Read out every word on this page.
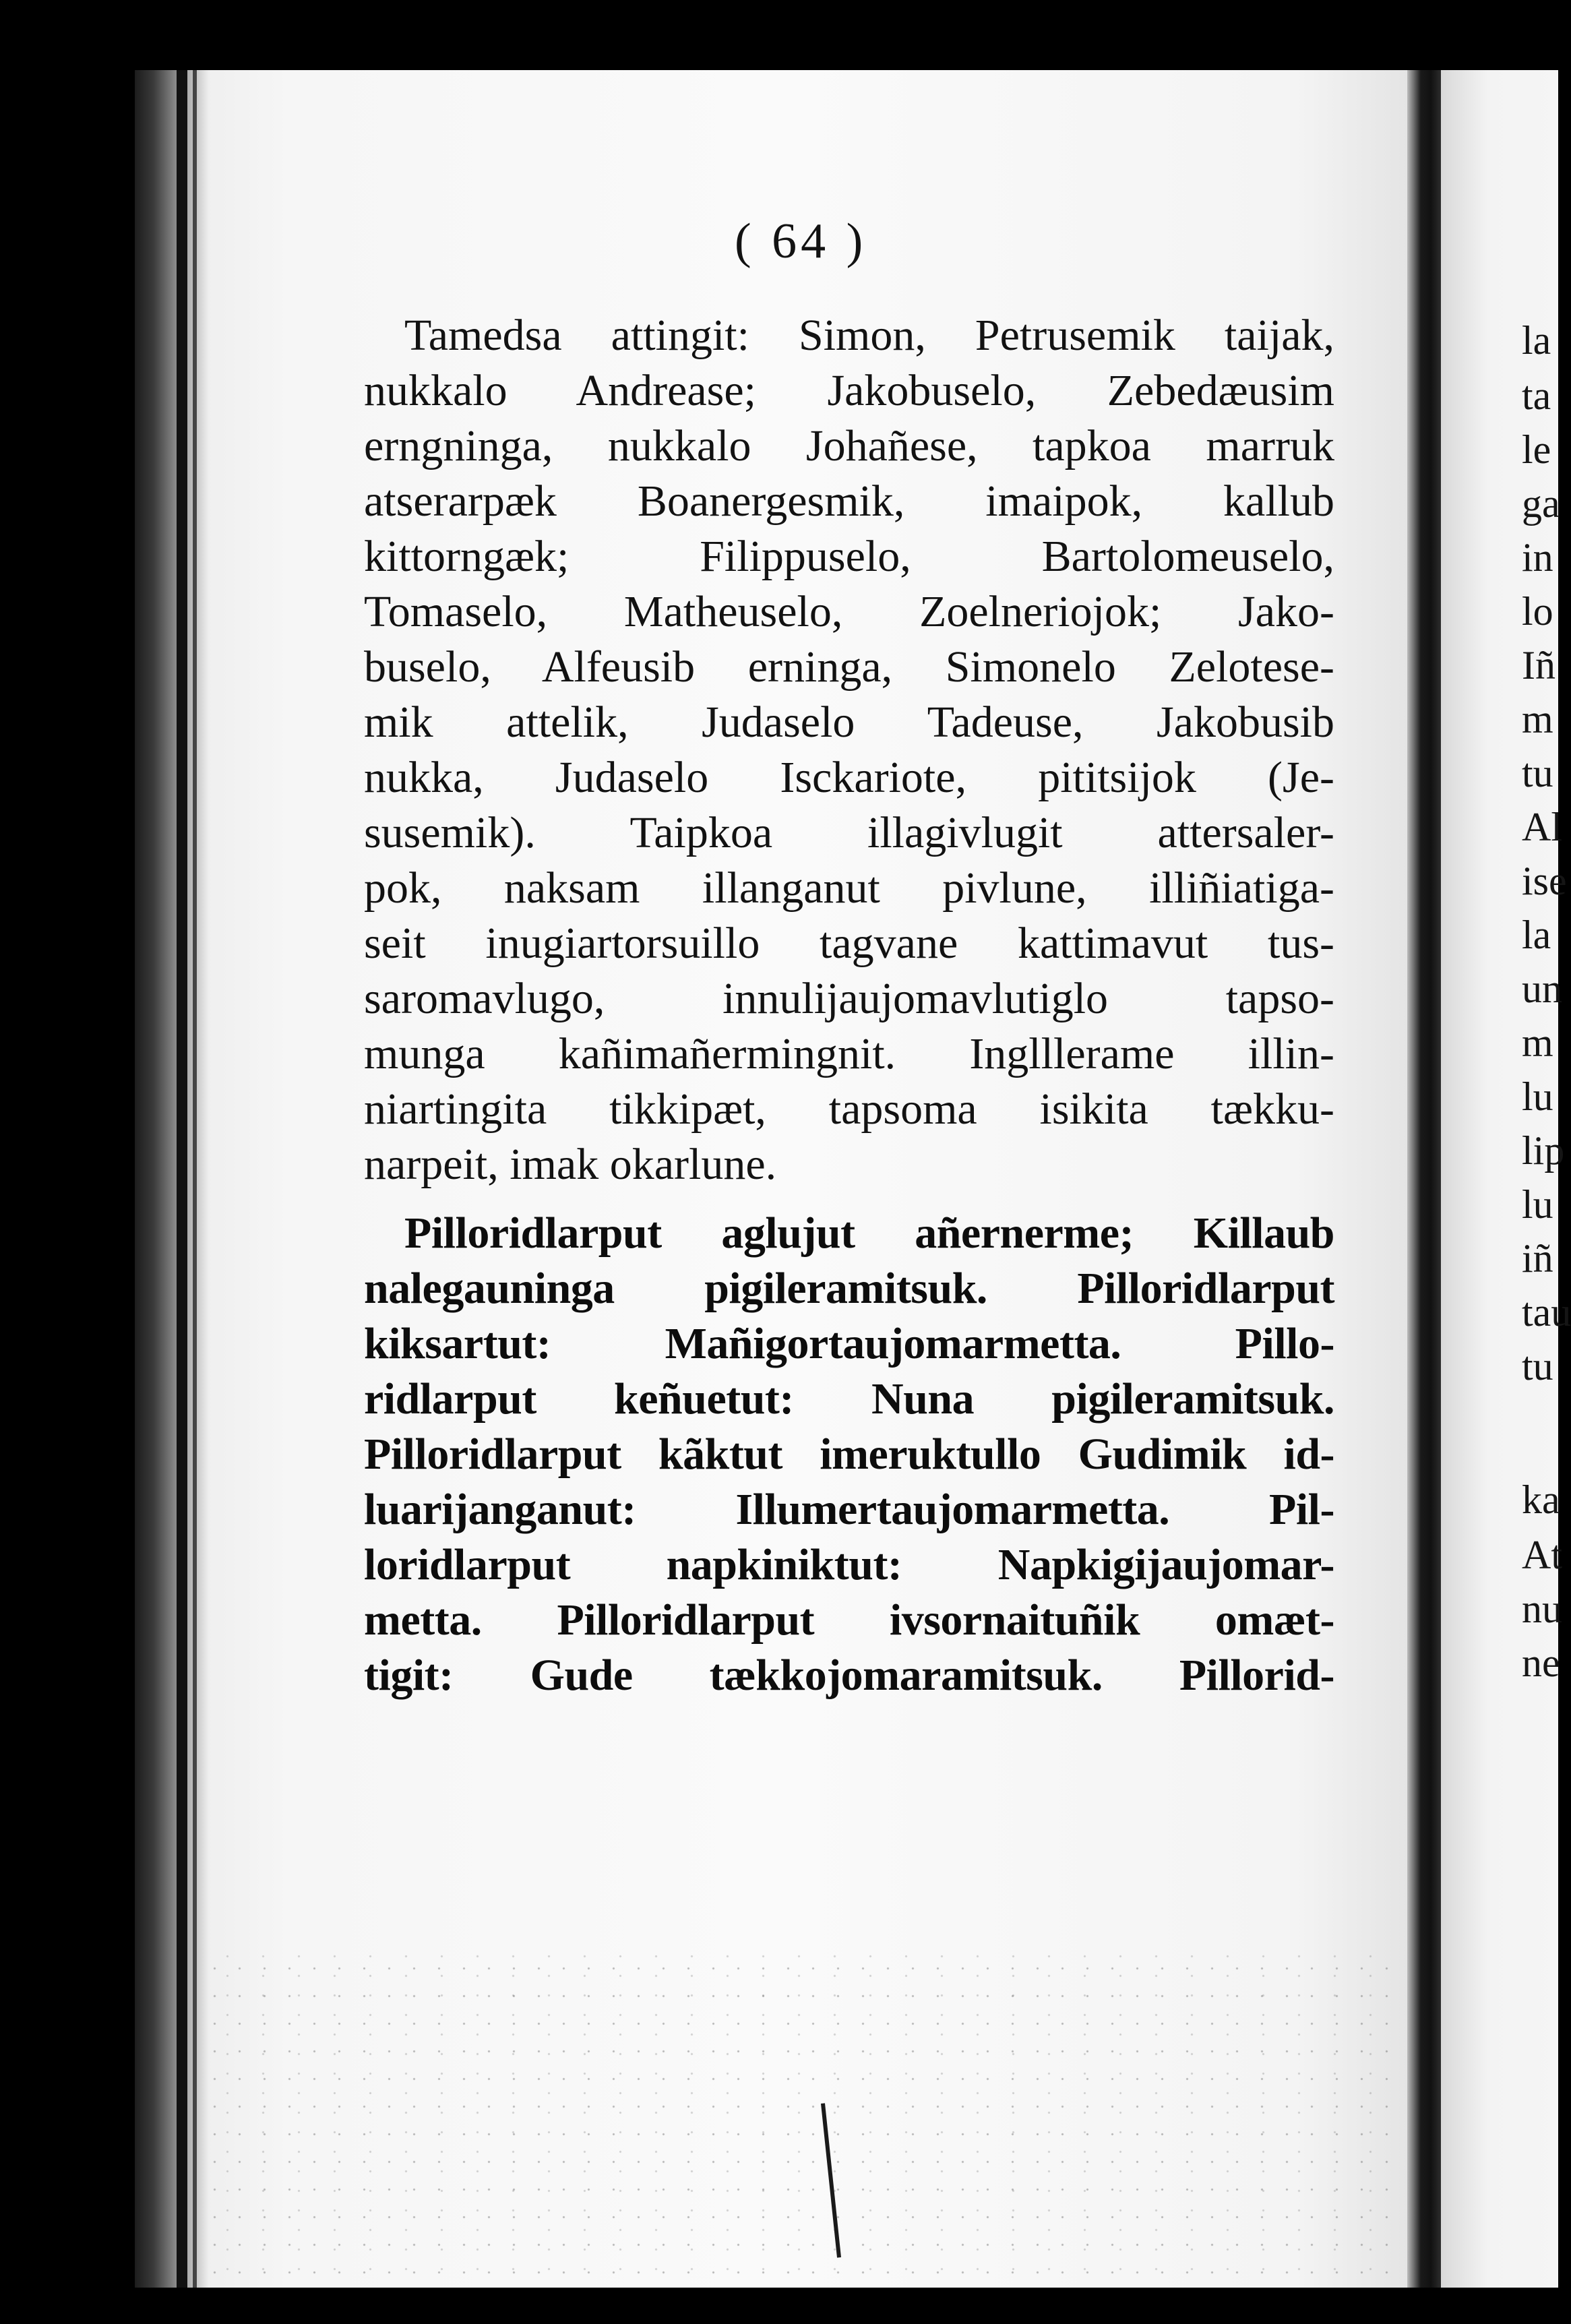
( 64 )
Tamedsa attingit: Simon, Petrusemik taijak,
nukkalo Andrease; Jakobuselo, Zebedæusim
erngninga, nukkalo Johañese, tapkoa marruk
atserarpæk Boanergesmik, imaipok, kallub
kittorngæk; Filippuselo, Bartolomeuselo,
Tomaselo, Matheuselo, Zoelneriojok; Jako-
buselo, Alfeusib erninga, Simonelo Zelotese-
mik attelik, Judaselo Tadeuse, Jakobusib
nukka, Judaselo Isckariote, pititsijok (Je-
susemik). Taipkoa illagivlugit attersaler-
pok, naksam illanganut pivlune, illiñiatiga-
seit inugiartorsuillo tagvane kattimavut tus-
saromavlugo, innulijaujomavlutiglo tapso-
munga kañimañermingnit. Inglllerame illin-
niartingita tikkipæt, tapsoma isikita tækku-
narpeit, imak okarlune.
Pilloridlarput aglujut añernerme; Killaub
nalegauninga pigileramitsuk. Pilloridlarput
kiksartut: Mañigortaujomarmetta. Pillo-
ridlarput keñuetut: Nuna pigileramitsuk.
Pilloridlarput kãktut imeruktullo Gudimik id-
luarijanganut: Illumertaujomarmetta. Pil-
loridlarput napkiniktut: Napkigijaujomar-
metta. Pilloridlarput ivsornaituñik omæt-
tigit: Gude tækkojomaramitsuk. Pillorid-
la
ta
le
ga
in
lo
Iñ
m
tu
Al
ise
la
un
m
lu
lip
lu
iñ
tau
tu
ka
At
nu
ne
